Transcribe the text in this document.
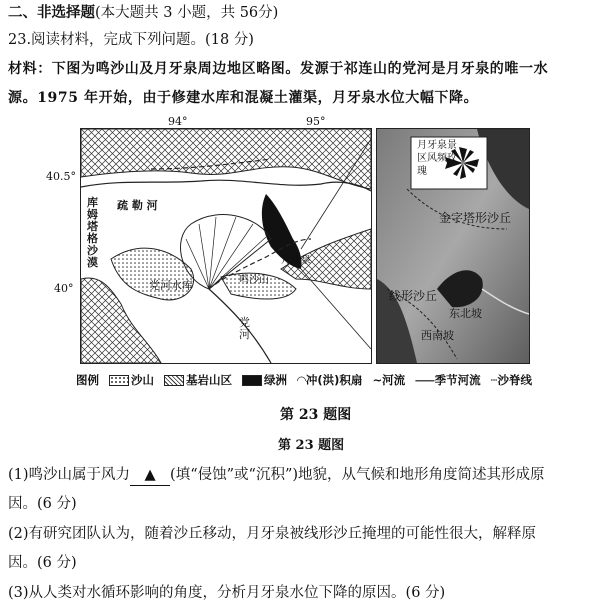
二、非选择题(本大题共 3 小题，共 56分)
23.阅读材料，完成下列问题。(18 分)
材料：下图为鸣沙山及月牙泉周边地区略图。发源于祁连山的党河是月牙泉的唯一水
源。1975 年开始，由于修建水库和混凝土灌渠，月牙泉水位大幅下降。
94°	95°
40.5°
40°
库姆塔格沙漠
疏 勒 河
党河水库
月牙泉
鸣沙山
党 河
月牙泉景区风频玫瑰
金字塔形沙丘
线形沙丘
东北坡
西南坡
图例	沙山	基岩山区	绿洲 ◠冲(洪)积扇 ∼河流 ⸺季节河流 ┄沙脊线
第 23 题图
第 23 题图
(1)鸣沙山属于风力 ▲ (填“侵蚀”或“沉积”)地貌，从气候和地形角度简述其形成原
因。(6 分)
(2)有研究团队认为，随着沙丘移动，月牙泉被线形沙丘掩埋的可能性很大，解释原
因。(6 分)
(3)从人类对水循环影响的角度，分析月牙泉水位下降的原因。(6 分)
